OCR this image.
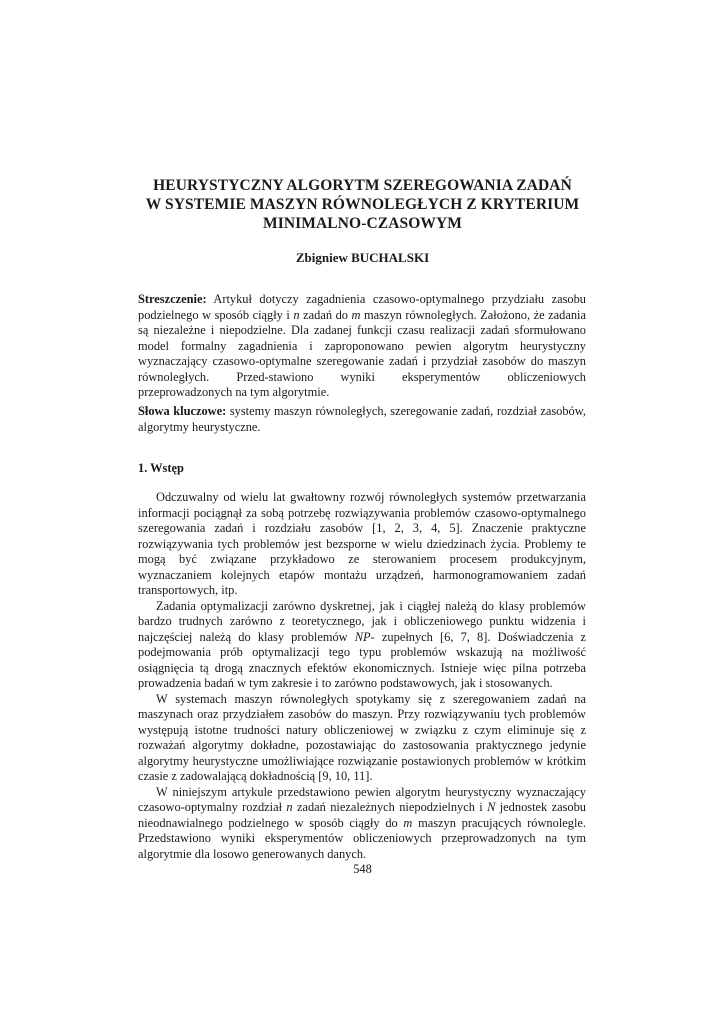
HEURYSTYCZNY ALGORYTM SZEREGOWANIA ZADAŃ
W SYSTEMIE MASZYN RÓWNOLEGŁYCH Z KRYTERIUM
MINIMALNO-CZASOWYM
Zbigniew BUCHALSKI
Streszczenie: Artykuł dotyczy zagadnienia czasowo-optymalnego przydziału zasobu podzielnego w sposób ciągły i n zadań do m maszyn równoległych. Założono, że zadania są niezależne i niepodzielne. Dla zadanej funkcji czasu realizacji zadań sformułowano model formalny zagadnienia i zaproponowano pewien algorytm heurystyczny wyznaczający czasowo-optymalne szeregowanie zadań i przydział zasobów do maszyn równoległych. Przed-stawiono wyniki eksperymentów obliczeniowych przeprowadzonych na tym algorytmie.
Słowa kluczowe: systemy maszyn równoległych, szeregowanie zadań, rozdział zasobów, algorytmy heurystyczne.
1. Wstęp

Odczuwalny od wielu lat gwałtowny rozwój równoległych systemów przetwarzania informacji pociągnął za sobą potrzebę rozwiązywania problemów czasowo-optymalnego szeregowania zadań i rozdziału zasobów [1, 2, 3, 4, 5]. Znaczenie praktyczne rozwiązywania tych problemów jest bezsporne w wielu dziedzinach życia. Problemy te mogą być związane przykładowo ze sterowaniem procesem produkcyjnym, wyznaczaniem kolejnych etapów montażu urządzeń, harmonogramowaniem zadań transportowych, itp.

Zadania optymalizacji zarówno dyskretnej, jak i ciągłej należą do klasy problemów bardzo trudnych zarówno z teoretycznego, jak i obliczeniowego punktu widzenia i najczęściej należą do klasy problemów NP- zupełnych [6, 7, 8]. Doświadczenia z podejmowania prób optymalizacji tego typu problemów wskazują na możliwość osiągnięcia tą drogą znacznych efektów ekonomicznych. Istnieje więc pilna potrzeba prowadzenia badań w tym zakresie i to zarówno podstawowych, jak i stosowanych.

W systemach maszyn równoległych spotykamy się z szeregowaniem zadań na maszynach oraz przydziałem zasobów do maszyn. Przy rozwiązywaniu tych problemów występują istotne trudności natury obliczeniowej w związku z czym eliminuje się z rozważań algorytmy dokładne, pozostawiając do zastosowania praktycznego jedynie algorytmy heurystyczne umożliwiające rozwiązanie postawionych problemów w krótkim czasie z zadowalającą dokładnością [9, 10, 11].

W niniejszym artykule przedstawiono pewien algorytm heurystyczny wyznaczający czasowo-optymalny rozdział n zadań niezależnych niepodzielnych i N jednostek zasobu nieodnawialnego podzielnego w sposób ciągły do m maszyn pracujących równolegle. Przedstawiono wyniki eksperymentów obliczeniowych przeprowadzonych na tym algorytmie dla losowo generowanych danych.

548
